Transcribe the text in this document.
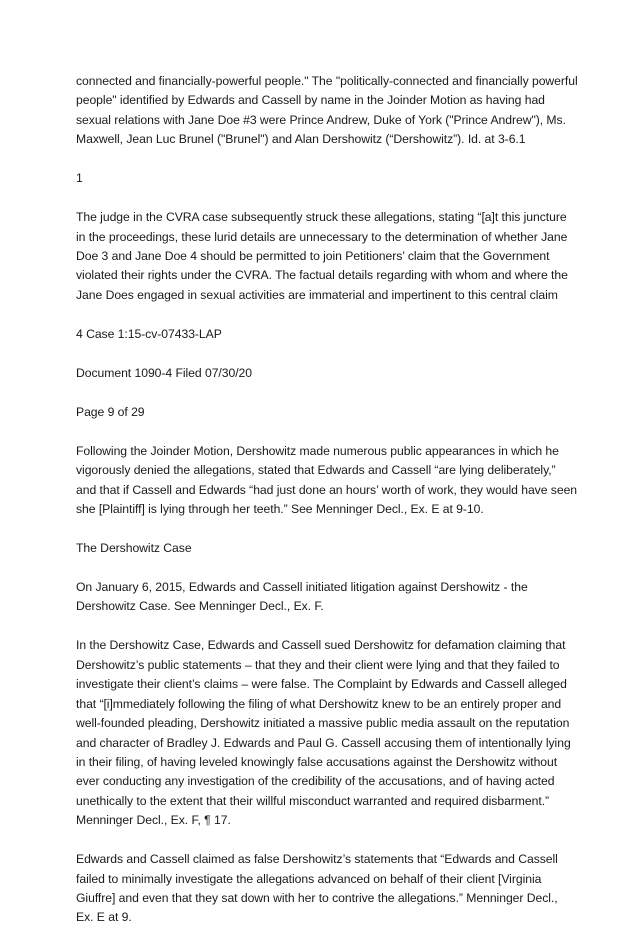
connected and financially-powerful people." The "politically-connected and financially powerful people" identified by Edwards and Cassell by name in the Joinder Motion as having had sexual relations with Jane Doe #3 were Prince Andrew, Duke of York ("Prince Andrew"), Ms. Maxwell, Jean Luc Brunel ("Brunel") and Alan Dershowitz (“Dershowitz”). Id. at 3-6.1

1

The judge in the CVRA case subsequently struck these allegations, stating “[a]t this juncture in the proceedings, these lurid details are unnecessary to the determination of whether Jane Doe 3 and Jane Doe 4 should be permitted to join Petitioners’ claim that the Government violated their rights under the CVRA. The factual details regarding with whom and where the Jane Does engaged in sexual activities are immaterial and impertinent to this central claim

4 Case 1:15-cv-07433-LAP

Document 1090-4 Filed 07/30/20

Page 9 of 29

Following the Joinder Motion, Dershowitz made numerous public appearances in which he vigorously denied the allegations, stated that Edwards and Cassell “are lying deliberately,” and that if Cassell and Edwards “had just done an hours’ worth of work, they would have seen she [Plaintiff] is lying through her teeth.” See Menninger Decl., Ex. E at 9-10.

The Dershowitz Case

On January 6, 2015, Edwards and Cassell initiated litigation against Dershowitz - the Dershowitz Case. See Menninger Decl., Ex. F.

In the Dershowitz Case, Edwards and Cassell sued Dershowitz for defamation claiming that Dershowitz’s public statements – that they and their client were lying and that they failed to investigate their client’s claims – were false. The Complaint by Edwards and Cassell alleged that “[i]mmediately following the filing of what Dershowitz knew to be an entirely proper and well-founded pleading, Dershowitz initiated a massive public media assault on the reputation and character of Bradley J. Edwards and Paul G. Cassell accusing them of intentionally lying in their filing, of having leveled knowingly false accusations against the Dershowitz without ever conducting any investigation of the credibility of the accusations, and of having acted unethically to the extent that their willful misconduct warranted and required disbarment.” Menninger Decl., Ex. F, ¶ 17.

Edwards and Cassell claimed as false Dershowitz’s statements that “Edwards and Cassell failed to minimally investigate the allegations advanced on behalf of their client [Virginia Giuffre] and even that they sat down with her to contrive the allegations.” Menninger Decl., Ex. E at 9.
